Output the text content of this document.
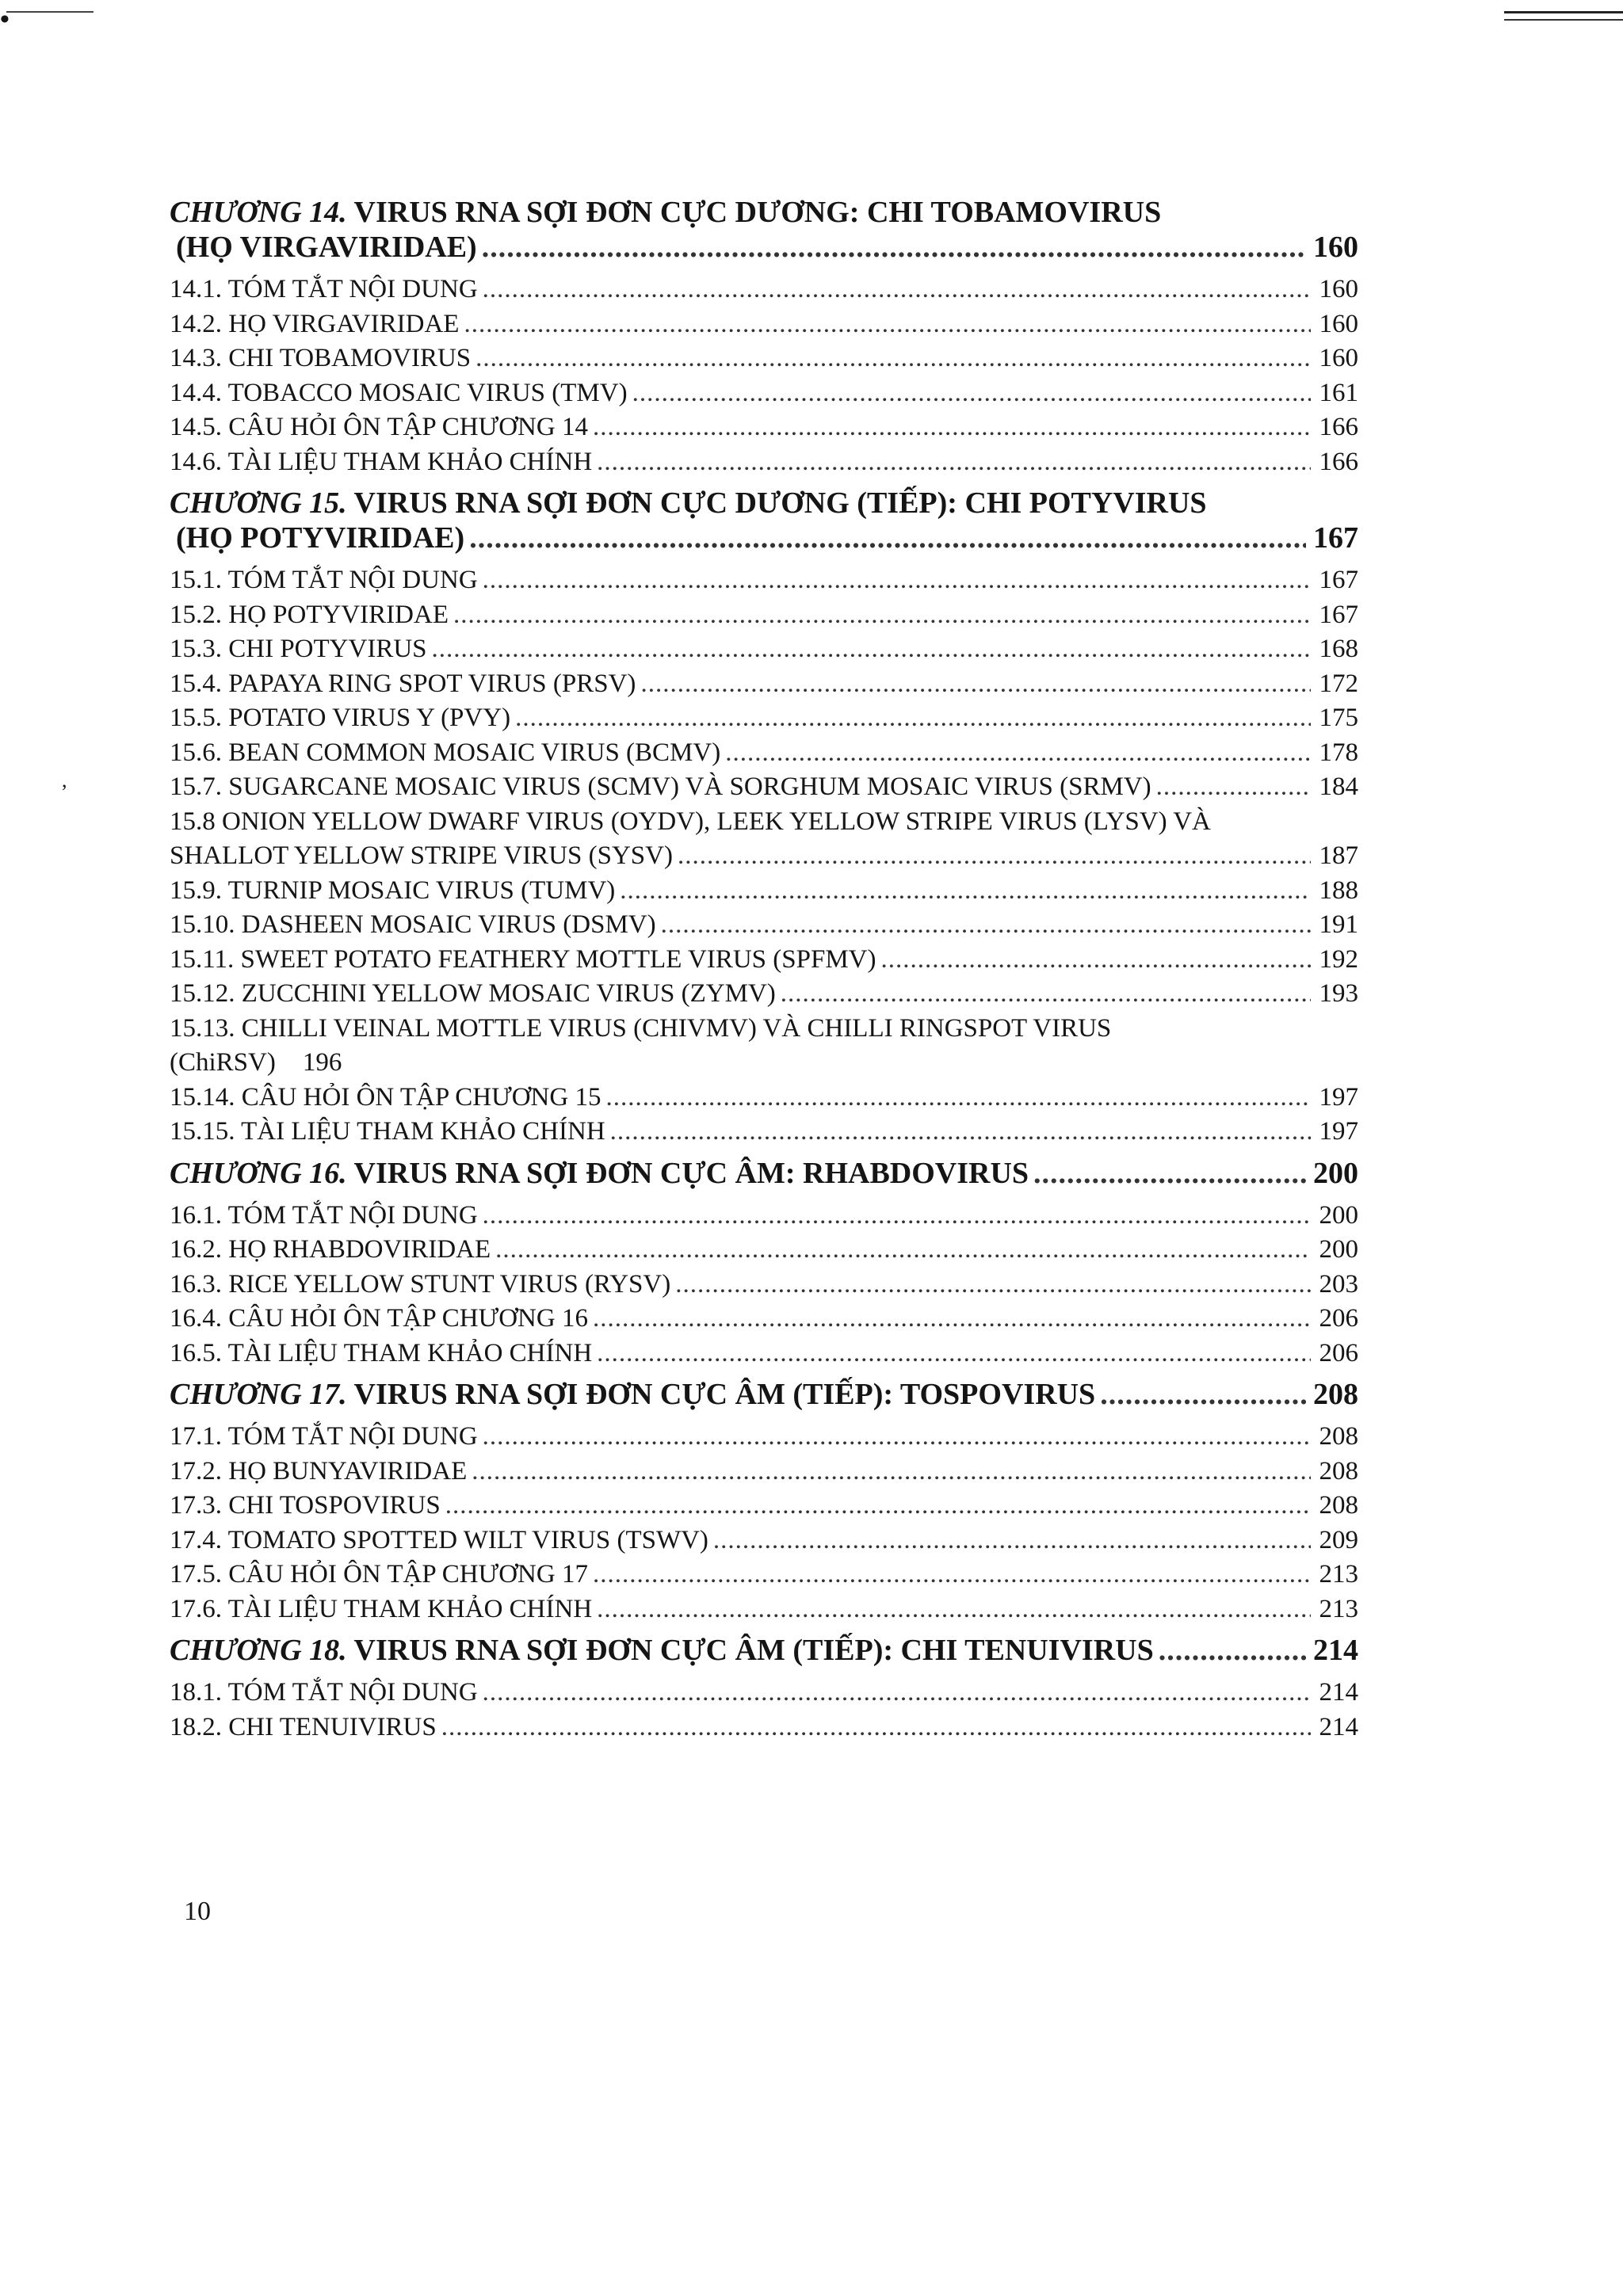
•
,
CHƯƠNG 14. VIRUS RNA SỢI ĐƠN CỰC DƯƠNG: CHI TOBAMOVIRUS
(HỌ VIRGAVIRIDAE) .....	160
14.1. TÓM TẮT NỘI DUNG .....	160
14.2. HỌ VIRGAVIRIDAE .....	160
14.3. CHI TOBAMOVIRUS .....	160
14.4. TOBACCO MOSAIC VIRUS (TMV) .....	161
14.5. CÂU HỎI ÔN TẬP CHƯƠNG 14 .....	166
14.6. TÀI LIỆU THAM KHẢO CHÍNH .....	166
CHƯƠNG 15. VIRUS RNA SỢI ĐƠN CỰC DƯƠNG (TIẾP): CHI POTYVIRUS
(HỌ POTYVIRIDAE) .....	167
15.1. TÓM TẮT NỘI DUNG .....	167
15.2. HỌ POTYVIRIDAE .....	167
15.3. CHI POTYVIRUS .....	168
15.4. PAPAYA RING SPOT VIRUS (PRSV) .....	172
15.5. POTATO VIRUS Y (PVY) .....	175
15.6. BEAN COMMON MOSAIC VIRUS (BCMV) .....	178
15.7. SUGARCANE MOSAIC VIRUS (SCMV) VÀ SORGHUM MOSAIC VIRUS (SRMV) .....	184
15.8 ONION YELLOW DWARF VIRUS (OYDV), LEEK YELLOW STRIPE VIRUS (LYSV) VÀ
SHALLOT YELLOW STRIPE VIRUS (SYSV) .....	187
15.9. TURNIP MOSAIC VIRUS (TUMV) .....	188
15.10. DASHEEN MOSAIC VIRUS (DSMV) .....	191
15.11. SWEET POTATO FEATHERY MOTTLE VIRUS (SPFMV) .....	192
15.12. ZUCCHINI YELLOW MOSAIC VIRUS (ZYMV) .....	193
15.13. CHILLI VEINAL MOTTLE VIRUS (CHIVMV) VÀ CHILLI RINGSPOT VIRUS
(ChiRSV) 196
15.14. CÂU HỎI ÔN TẬP CHƯƠNG 15 .....	197
15.15. TÀI LIỆU THAM KHẢO CHÍNH .....	197
CHƯƠNG 16. VIRUS RNA SỢI ĐƠN CỰC ÂM: RHABDOVIRUS .....	200
16.1. TÓM TẮT NỘI DUNG .....	200
16.2. HỌ RHABDOVIRIDAE .....	200
16.3. RICE YELLOW STUNT VIRUS (RYSV) .....	203
16.4. CÂU HỎI ÔN TẬP CHƯƠNG 16 .....	206
16.5. TÀI LIỆU THAM KHẢO CHÍNH .....	206
CHƯƠNG 17. VIRUS RNA SỢI ĐƠN CỰC ÂM (TIẾP): TOSPOVIRUS .....	208
17.1. TÓM TẮT NỘI DUNG .....	208
17.2. HỌ BUNYAVIRIDAE .....	208
17.3. CHI TOSPOVIRUS .....	208
17.4. TOMATO SPOTTED WILT VIRUS (TSWV) .....	209
17.5. CÂU HỎI ÔN TẬP CHƯƠNG 17 .....	213
17.6. TÀI LIỆU THAM KHẢO CHÍNH .....	213
CHƯƠNG 18. VIRUS RNA SỢI ĐƠN CỰC ÂM (TIẾP): CHI TENUIVIRUS .....	214
18.1. TÓM TẮT NỘI DUNG .....	214
18.2. CHI TENUIVIRUS .....	214
10
